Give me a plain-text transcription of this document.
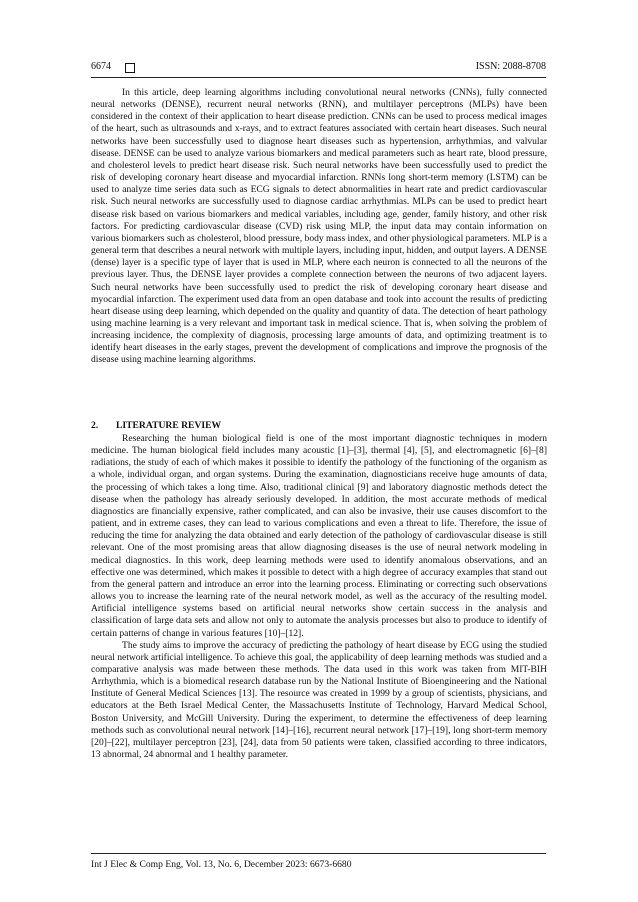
6674	ISSN: 2088-8708

In this article, deep learning algorithms including convolutional neural networks (CNNs), fully connected neural networks (DENSE), recurrent neural networks (RNN), and multilayer perceptrons (MLPs) have been considered in the context of their application to heart disease prediction. CNNs can be used to process medical images of the heart, such as ultrasounds and x-rays, and to extract features associated with certain heart diseases. Such neural networks have been successfully used to diagnose heart diseases such as hypertension, arrhythmias, and valvular disease. DENSE can be used to analyze various biomarkers and medical parameters such as heart rate, blood pressure, and cholesterol levels to predict heart disease risk. Such neural networks have been successfully used to predict the risk of developing coronary heart disease and myocardial infarction. RNNs long short-term memory (LSTM) can be used to analyze time series data such as ECG signals to detect abnormalities in heart rate and predict cardiovascular risk. Such neural networks are successfully used to diagnose cardiac arrhythmias. MLPs can be used to predict heart disease risk based on various biomarkers and medical variables, including age, gender, family history, and other risk factors. For predicting cardiovascular disease (CVD) risk using MLP, the input data may contain information on various biomarkers such as cholesterol, blood pressure, body mass index, and other physiological parameters. MLP is a general term that describes a neural network with multiple layers, including input, hidden, and output layers. A DENSE (dense) layer is a specific type of layer that is used in MLP, where each neuron is connected to all the neurons of the previous layer. Thus, the DENSE layer provides a complete connection between the neurons of two adjacent layers. Such neural networks have been successfully used to predict the risk of developing coronary heart disease and myocardial infarction. The experiment used data from an open database and took into account the results of predicting heart disease using deep learning, which depended on the quality and quantity of data. The detection of heart pathology using machine learning is a very relevant and important task in medical science. That is, when solving the problem of increasing incidence, the complexity of diagnosis, processing large amounts of data, and optimizing treatment is to identify heart diseases in the early stages, prevent the development of complications and improve the prognosis of the disease using machine learning algorithms.

2.	LITERATURE REVIEW

Researching the human biological field is one of the most important diagnostic techniques in modern medicine. The human biological field includes many acoustic [1]–[3], thermal [4], [5], and electromagnetic [6]–[8] radiations, the study of each of which makes it possible to identify the pathology of the functioning of the organism as a whole, individual organ, and organ systems. During the examination, diagnosticians receive huge amounts of data, the processing of which takes a long time. Also, traditional clinical [9] and laboratory diagnostic methods detect the disease when the pathology has already seriously developed. In addition, the most accurate methods of medical diagnostics are financially expensive, rather complicated, and can also be invasive, their use causes discomfort to the patient, and in extreme cases, they can lead to various complications and even a threat to life. Therefore, the issue of reducing the time for analyzing the data obtained and early detection of the pathology of cardiovascular disease is still relevant. One of the most promising areas that allow diagnosing diseases is the use of neural network modeling in medical diagnostics. In this work, deep learning methods were used to identify anomalous observations, and an effective one was determined, which makes it possible to detect with a high degree of accuracy examples that stand out from the general pattern and introduce an error into the learning process. Eliminating or correcting such observations allows you to increase the learning rate of the neural network model, as well as the accuracy of the resulting model. Artificial intelligence systems based on artificial neural networks show certain success in the analysis and classification of large data sets and allow not only to automate the analysis processes but also to produce to identify of certain patterns of change in various features [10]–[12].

The study aims to improve the accuracy of predicting the pathology of heart disease by ECG using the studied neural network artificial intelligence. To achieve this goal, the applicability of deep learning methods was studied and a comparative analysis was made between these methods. The data used in this work was taken from MIT-BIH Arrhythmia, which is a biomedical research database run by the National Institute of Bioengineering and the National Institute of General Medical Sciences [13]. The resource was created in 1999 by a group of scientists, physicians, and educators at the Beth Israel Medical Center, the Massachusetts Institute of Technology, Harvard Medical School, Boston University, and McGill University. During the experiment, to determine the effectiveness of deep learning methods such as convolutional neural network [14]–[16], recurrent neural network [17]–[19], long short-term memory [20]–[22], multilayer perceptron [23], [24], data from 50 patients were taken, classified according to three indicators, 13 abnormal, 24 abnormal and 1 healthy parameter.

Int J Elec & Comp Eng, Vol. 13, No. 6, December 2023: 6673-6680
